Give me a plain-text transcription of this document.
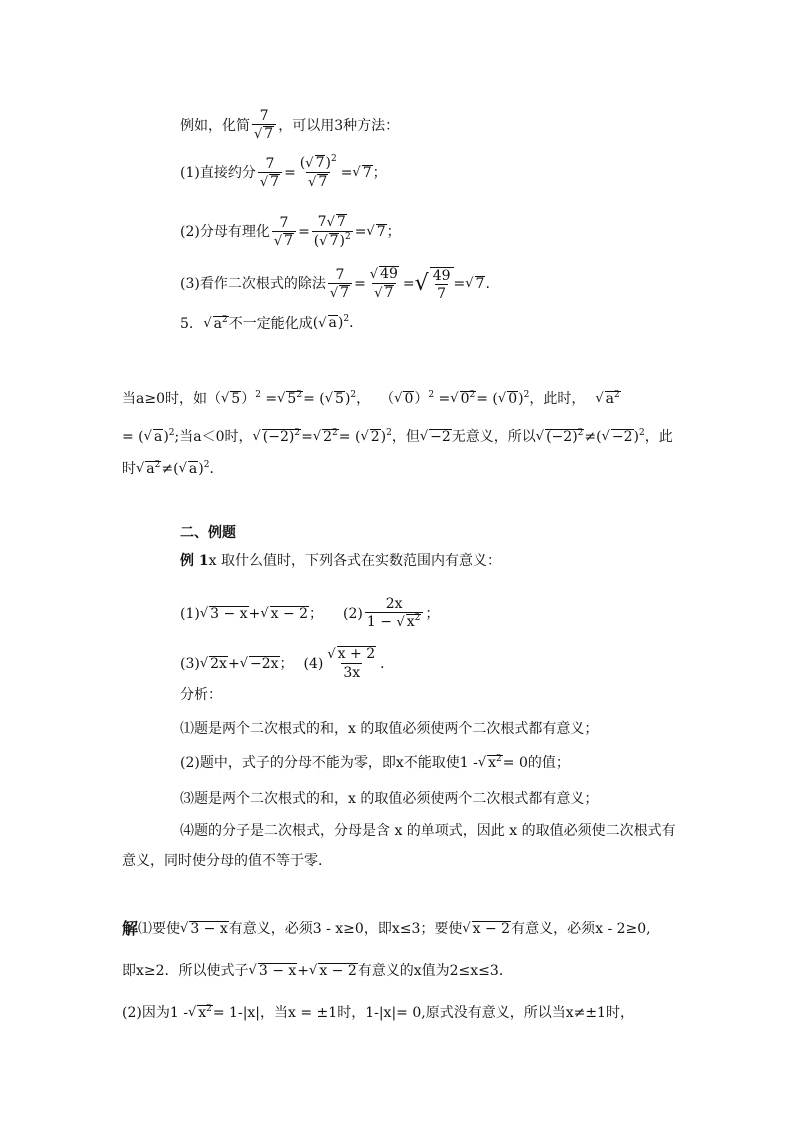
例如，化简 $\frac{7}{√ 7}$ ，可以用3种方法：
(1)直接约分 $\frac{7}{√ 7} = \frac{(√ 7)^2}{√ 7}$ = √ 7 ；
(2)分母有理化 $\frac{7}{√ 7} = \frac{7√ 7}{(√ 7)^2}$ = √ 7 ；
(3)看作二次根式的除法 $\frac{7}{√ 7} = \frac{√ 49}{√ 7}$ = √ $\frac{49}{7}$ = √ 7 .
5. √ $a^2$ 不一定能化成 (√ a)$^2$．
当a≥0时，如（ √ 5 ）$^2$ = √ $5^2$ = ( √ 5 )$^2$， （ √ 0 ）$^2$ = √ $0^2$ = ( √ 0 )$^2$ ，此时， √ $a^2$
= ( √ a )$^2$ ;当a＜0时， √ $(-2)^2$ = √ $2^2$ = ( √ 2 )$^2$ ，但 √ −2 无意义，所以 √ $(-2)^2$ ≠( √ −2 )$^2$ ，此
时 √ $a^2$ ≠( √ a )$^2$．
二、例题
例 1 x 取什么值时，下列各式在实数范围内有意义：
(1) √ 3 − x + √ x − 2 ； $(2) \frac{2x}{1 - √ x^2}$ ；
(3) √ 2x + √ −2x ； $(4) \frac{√ x + 2}{3x}$ ．
分析：
⑴题是两个二次根式的和，x 的取值必须使两个二次根式都有意义；
(2)题中，式子的分母不能为零，即x不能取使 1 - √ $x^2 = 0$ 的值；
⑶题是两个二次根式的和，x 的取值必须使两个二次根式都有意义；
⑷题的分子是二次根式，分母是含 x 的单项式，因此 x 的取值必须使二次根式有
意义，同时使分母的值不等于零.
解 ⑴要使 √ 3 − x 有意义，必须 3 - x≥0，即x≤3；要使 √ x − 2 有意义，必须 x - 2≥0,
即x≥2．所以使式子 √ 3 − x + √ x − 2 有意义的x值为2≤x≤3．
(2)因为 1 - √ $x^2 = 1-|x|$ ，当x = ±1时，1-|x|= 0,原式没有意义，所以当x≠±1时，
